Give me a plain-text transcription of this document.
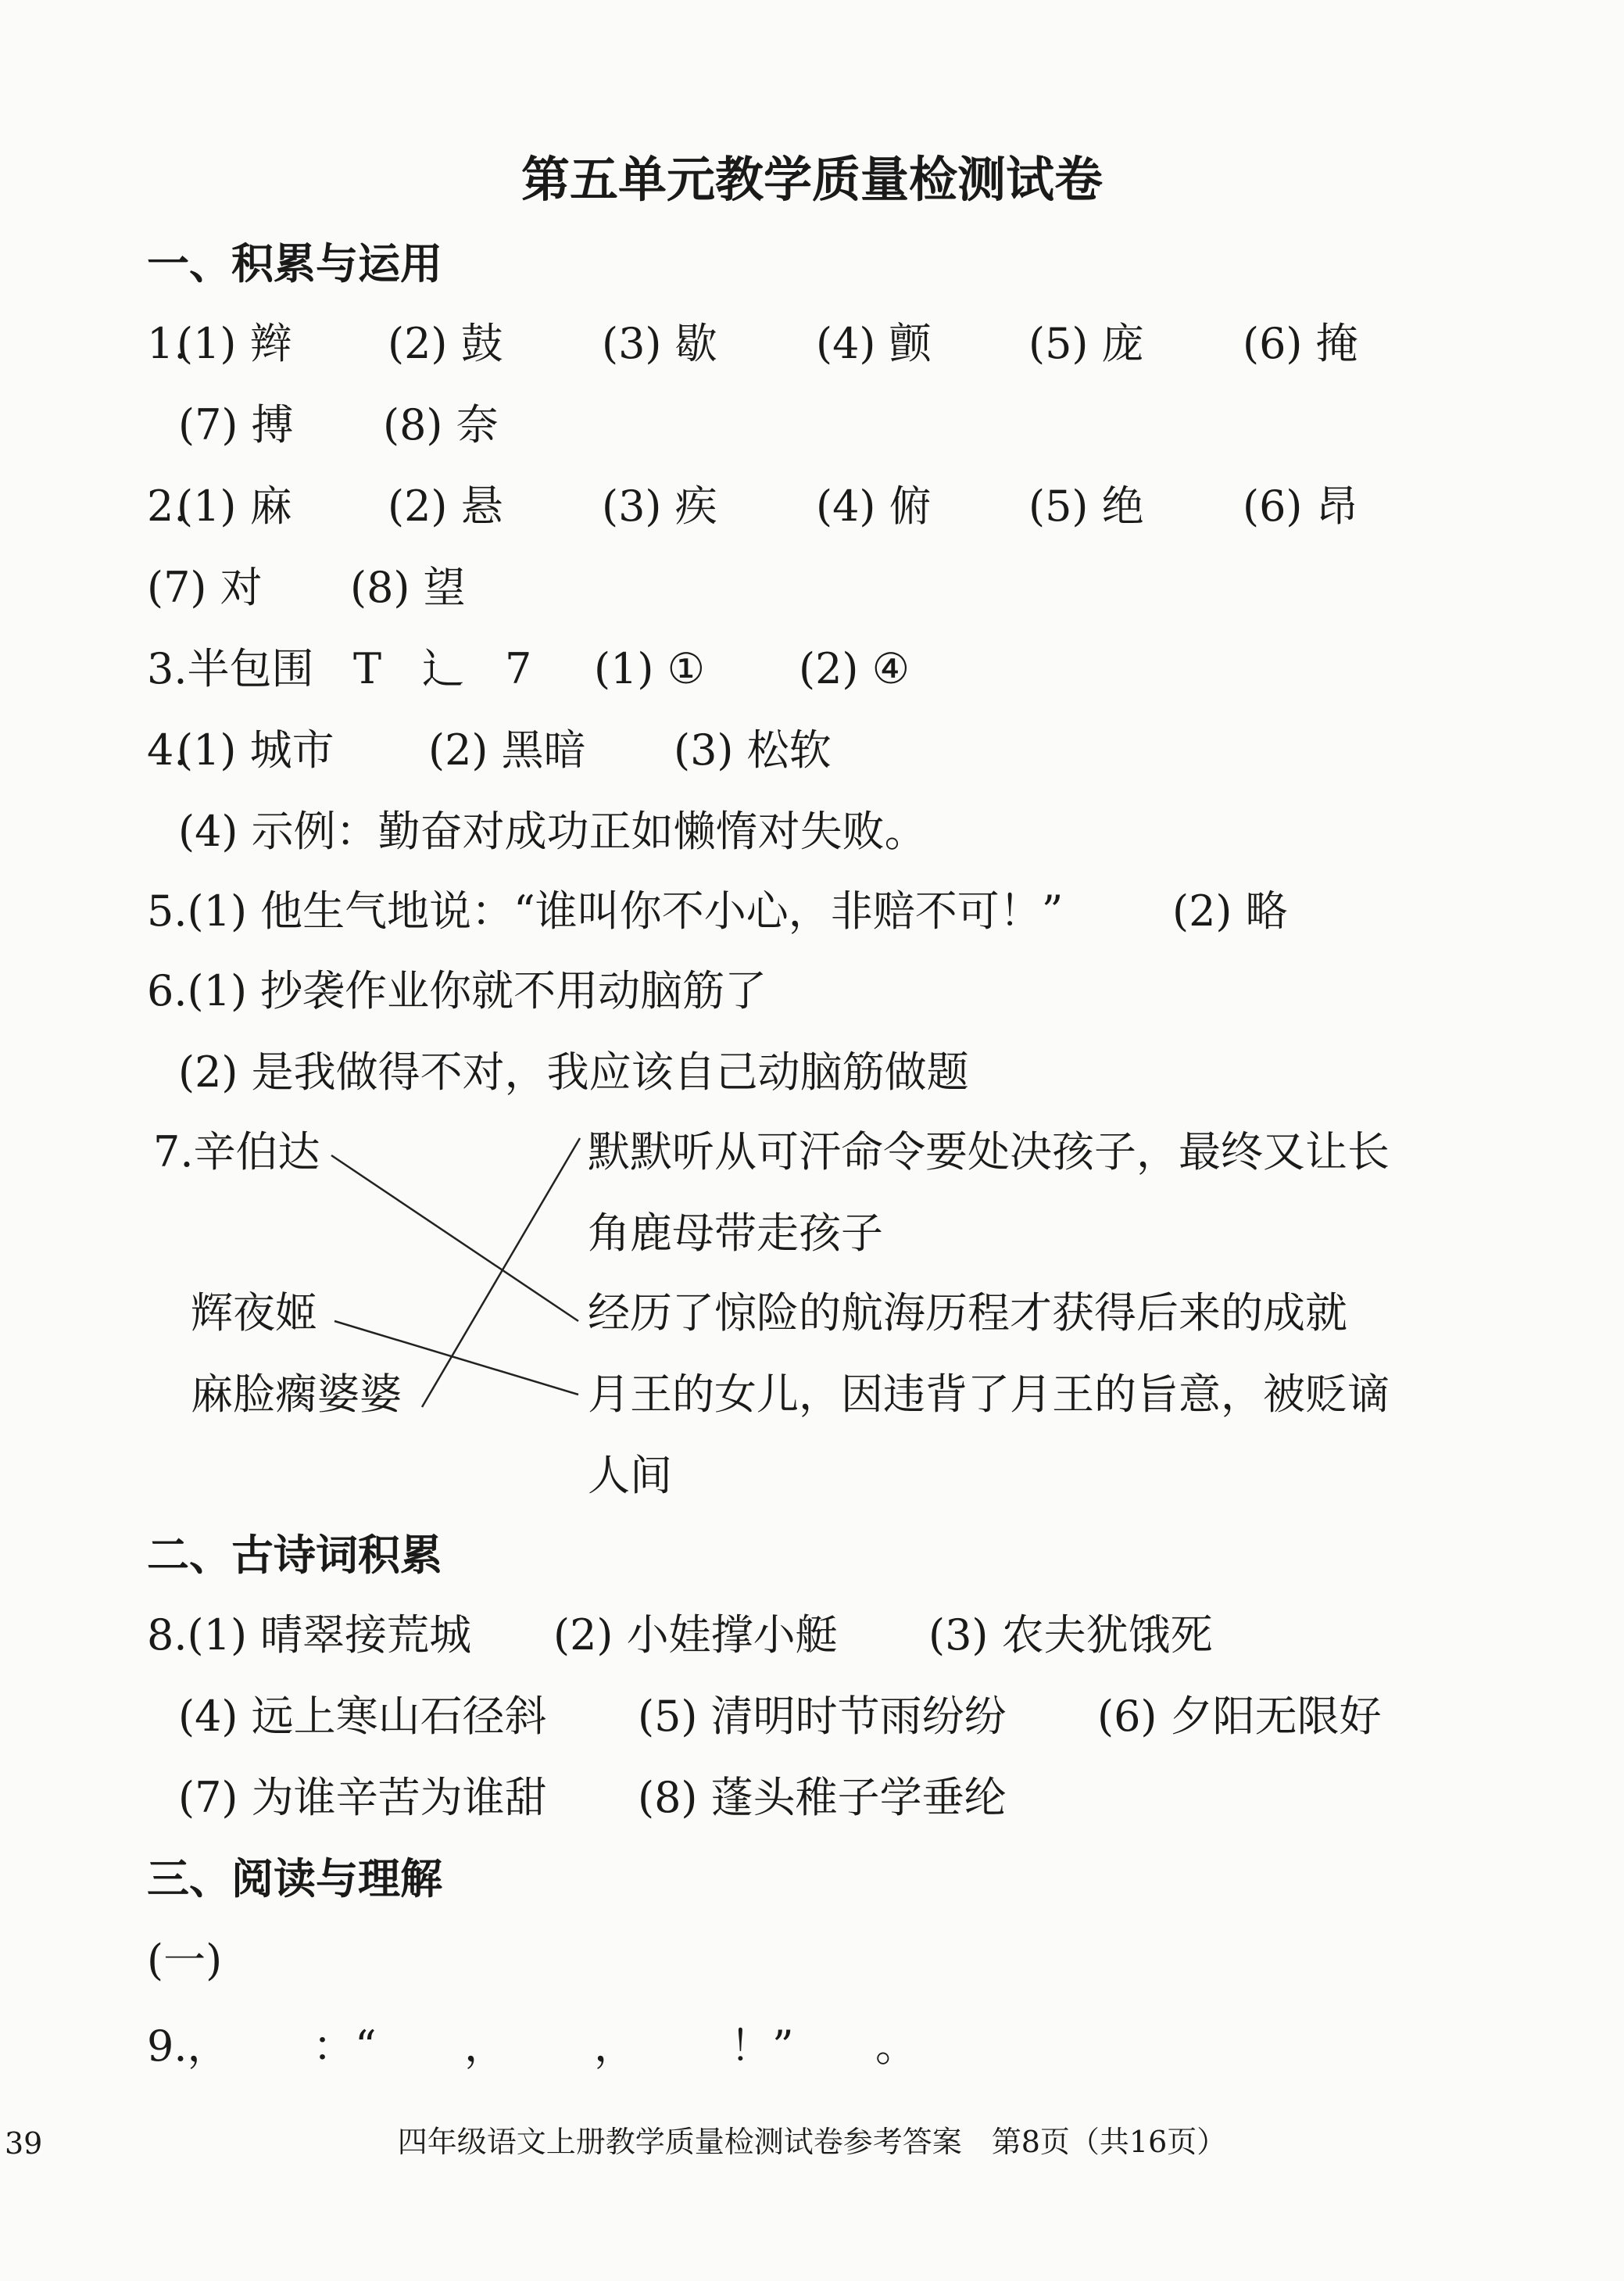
第五单元教学质量检测试卷
一、积累与运用
1.
(1) 辫 (2) 鼓 (3) 歇 (4) 颤 (5) 庞 (6) 掩
(7) 搏 (8) 奈
2.
(1) 麻 (2) 悬 (3) 疾 (4) 俯 (5) 绝 (6) 昂
(7) 对 (8) 望
3.半包围 T 辶 7 (1) ① (2) ④
4.
(1) 城市 (2) 黑暗 (3) 松软
(4) 示例：勤奋对成功正如懒惰对失败。
5.(1) 他生气地说：“谁叫你不小心，非赔不可！”	(2) 略
6.(1) 抄袭作业你就不用动脑筋了
(2) 是我做得不对，我应该自己动脑筋做题
7.辛伯达
辉夜姬
麻脸瘸婆婆
默默听从可汗命令要处决孩子，最终又让长
角鹿母带走孩子
经历了惊险的航海历程才获得后来的成就
月王的女儿，因违背了月王的旨意，被贬谪
人间
二、古诗词积累
8.(1) 晴翠接荒城 (2) 小娃撑小艇 (3) 农夫犹饿死
(4) 远上寒山石径斜 (5) 清明时节雨纷纷 (6) 夕阳无限好
(7) 为谁辛苦为谁甜 (8) 蓬头稚子学垂纶
三、阅读与理解
(一)
9.， ：“ ， ， ！” 。
39	四年级语文上册教学质量检测试卷参考答案　第8页（共16页）
